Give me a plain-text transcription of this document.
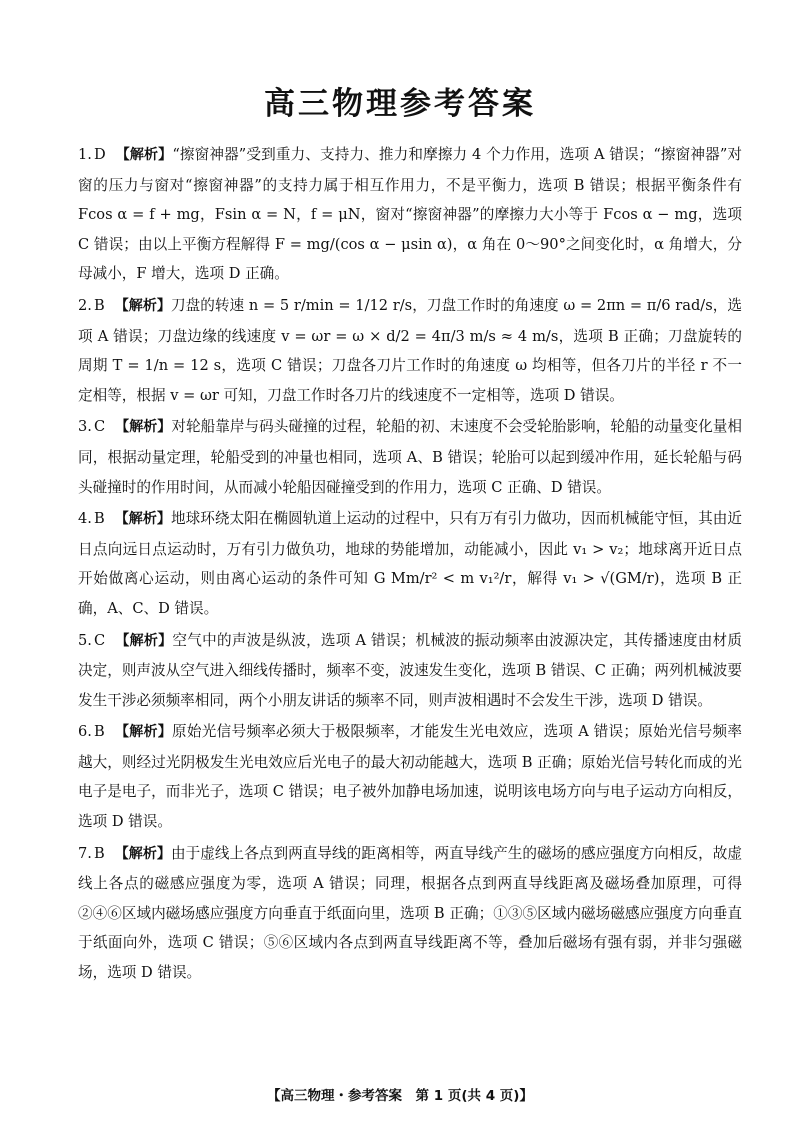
高三物理参考答案
1. D 【解析】“擦窗神器”受到重力、支持力、推力和摩擦力 4 个力作用，选项 A 错误；“擦窗神器”对窗的压力与窗对“擦窗神器”的支持力属于相互作用力，不是平衡力，选项 B 错误；根据平衡条件有 Fcos α = f + mg，Fsin α = N，f = μN，窗对“擦窗神器”的摩擦力大小等于 Fcos α − mg，选项 C 错误；由以上平衡方程解得 F = mg/(cos α − μsin α)，α 角在 0～90°之间变化时，α 角增大，分母减小，F 增大，选项 D 正确。
2. B 【解析】刀盘的转速 n = 5 r/min = 1/12 r/s，刀盘工作时的角速度 ω = 2πn = π/6 rad/s，选项 A 错误；刀盘边缘的线速度 v = ωr = ω × d/2 = 4π/3 m/s ≈ 4 m/s，选项 B 正确；刀盘旋转的周期 T = 1/n = 12 s，选项 C 错误；刀盘各刀片工作时的角速度 ω 均相等，但各刀片的半径 r 不一定相等，根据 v = ωr 可知，刀盘工作时各刀片的线速度不一定相等，选项 D 错误。
3. C 【解析】对轮船靠岸与码头碰撞的过程，轮船的初、末速度不会受轮胎影响，轮船的动量变化量相同，根据动量定理，轮船受到的冲量也相同，选项 A、B 错误；轮胎可以起到缓冲作用，延长轮船与码头碰撞时的作用时间，从而减小轮船因碰撞受到的作用力，选项 C 正确、D 错误。
4. B 【解析】地球环绕太阳在椭圆轨道上运动的过程中，只有万有引力做功，因而机械能守恒，其由近日点向远日点运动时，万有引力做负功，地球的势能增加，动能减小，因此 v₁ > v₂；地球离开近日点开始做离心运动，则由离心运动的条件可知 G Mm/r² < m v₁²/r，解得 v₁ > √(GM/r)，选项 B 正确，A、C、D 错误。
5. C 【解析】空气中的声波是纵波，选项 A 错误；机械波的振动频率由波源决定，其传播速度由材质决定，则声波从空气进入细线传播时，频率不变，波速发生变化，选项 B 错误、C 正确；两列机械波要发生干涉必须频率相同，两个小朋友讲话的频率不同，则声波相遇时不会发生干涉，选项 D 错误。
6. B 【解析】原始光信号频率必须大于极限频率，才能发生光电效应，选项 A 错误；原始光信号频率越大，则经过光阴极发生光电效应后光电子的最大初动能越大，选项 B 正确；原始光信号转化而成的光电子是电子，而非光子，选项 C 错误；电子被外加静电场加速，说明该电场方向与电子运动方向相反，选项 D 错误。
7. B 【解析】由于虚线上各点到两直导线的距离相等，两直导线产生的磁场的感应强度方向相反，故虚线上各点的磁感应强度为零，选项 A 错误；同理，根据各点到两直导线距离及磁场叠加原理，可得②④⑥区域内磁场感应强度方向垂直于纸面向里，选项 B 正确；①③⑤区域内磁场磁感应强度方向垂直于纸面向外，选项 C 错误；⑤⑥区域内各点到两直导线距离不等，叠加后磁场有强有弱，并非匀强磁场，选项 D 错误。
【高三物理・参考答案　第 1 页(共 4 页)】
